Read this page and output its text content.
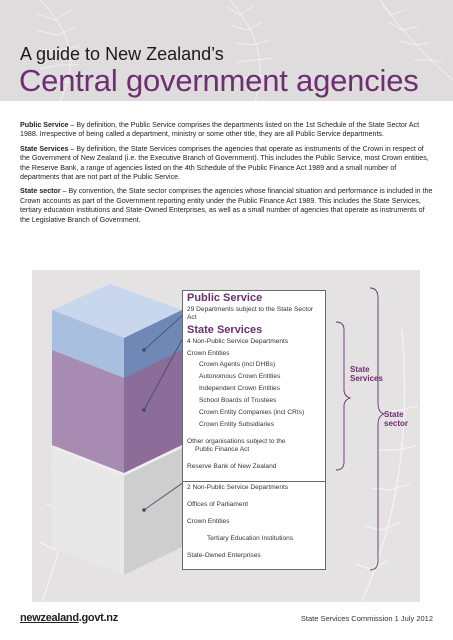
A guide to New Zealand’s
Central government agencies

Public Service – By definition, the Public Service comprises the departments listed on the 1st Schedule of the State Sector Act 1988. Irrespective of being called a department, ministry or some other title, they are all Public Service departments.

State Services – By definition, the State Services comprises the agencies that operate as instruments of the Crown in respect of the Government of New Zealand (i.e. the Executive Branch of Government). This includes the Public Service, most Crown entities, the Reserve Bank, a range of agencies listed on the 4th Schedule of the Public Finance Act 1989 and a small number of departments that are not part of the Public Service.

State sector – By convention, the State sector comprises the agencies whose financial situation and performance is included in the Crown accounts as part of the Government reporting entity under the Public Finance Act 1989. This includes the State Services, tertiary education institutions and State-Owned Enterprises, as well as a small number of agencies that operate as instruments of the Legislative Branch of Government.

Public Service
29 Departments subject to the State Sector Act
State Services
4 Non-Public Service Departments
Crown Entities
Crown Agents (incl DHBs)
Autonomous Crown Entities
Independent Crown Entities
School Boards of Trustees
Crown Entity Companies (incl CRIs)
Crown Entity Subsidiaries
Other organisations subject to the
Public Finance Act
Reserve Bank of New Zealand
2 Non-Public Service Departments
Offices of Parliament
Crown Entities
Tertiary Education Institutions
State-Owned Enterprises
State
Services
State
sector
newzealand.govt.nz	State Services Commission 1 July 2012
